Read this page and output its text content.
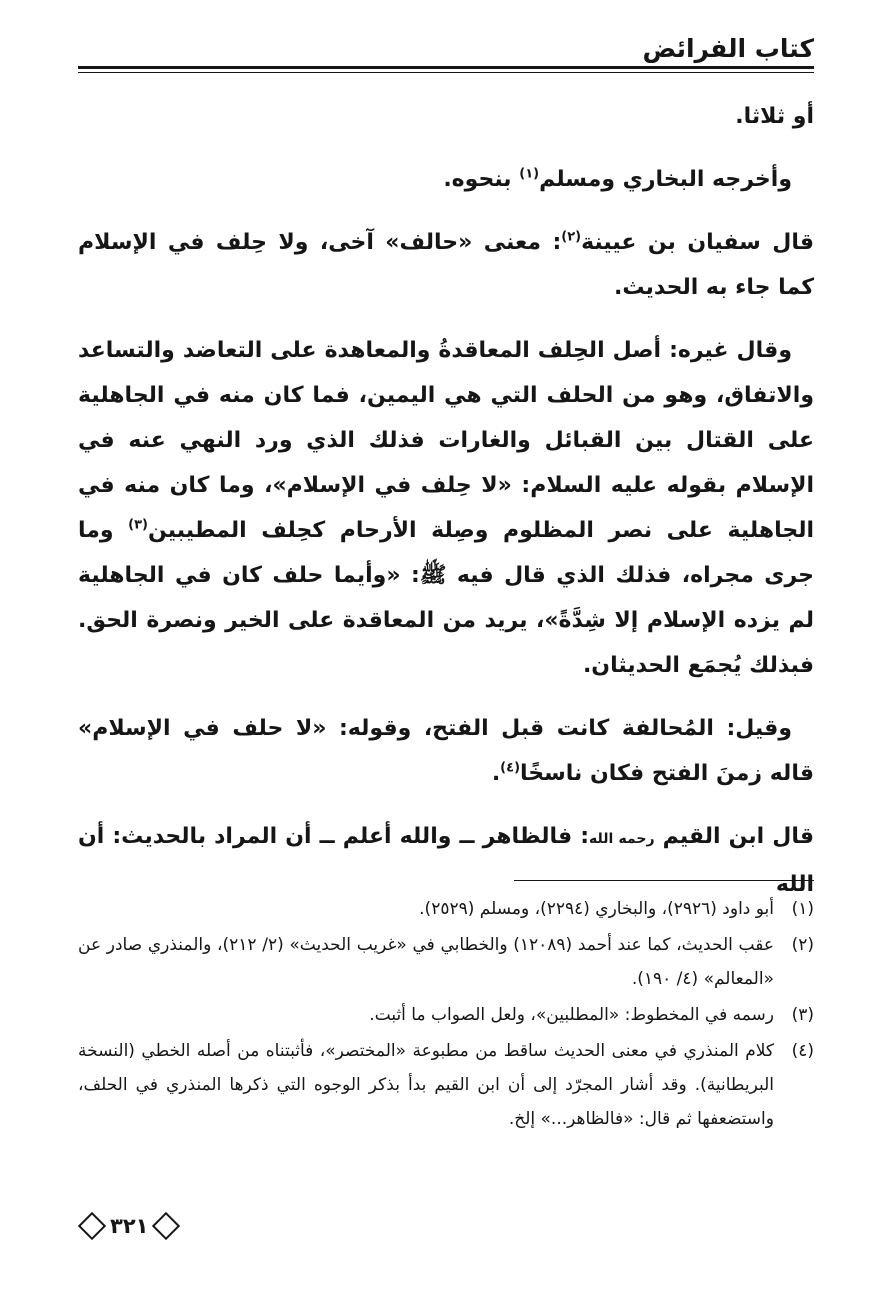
كتاب الفرائض

أو ثلاثا.

وأخرجه البخاري ومسلم$^{(١)}$ بنحوه.

قال سفيان بن عيينة$^{(٢)}$: معنى «حالف» آخى، ولا حِلف في الإسلام كما جاء به الحديث.

وقال غيره: أصل الحِلف المعاقدةُ والمعاهدة على التعاضد والتساعد والاتفاق، وهو من الحلف التي هي اليمين، فما كان منه في الجاهلية على القتال بين القبائل والغارات فذلك الذي ورد النهي عنه في الإسلام بقوله عليه السلام: «لا حِلف في الإسلام»، وما كان منه في الجاهلية على نصر المظلوم وصِلة الأرحام كحِلف المطيبين$^{(٣)}$ وما جرى مجراه، فذلك الذي قال فيه ﷺ: «وأيما حلف كان في الجاهلية لم يزده الإسلام إلا شِدَّةً»، يريد من المعاقدة على الخير ونصرة الحق. فبذلك يُجمَع الحديثان.

وقيل: المُحالفة كانت قبل الفتح، وقوله: «لا حلف في الإسلام» قاله زمنَ الفتح فكان ناسخًا$^{(٤)}$.

قال ابن القيم رحمه الله: فالظاهر ــ والله أعلم ــ أن المراد بالحديث: أن الله

(١)
أبو داود (٢٩٢٦)، والبخاري (٢٢٩٤)، ومسلم (٢٥٢٩).
(٢)
عقب الحديث، كما عند أحمد (١٢٠٨٩) والخطابي في «غريب الحديث» (٢/ ٢١٢)، والمنذري صادر عن «المعالم» (٤/ ١٩٠).
(٣)
رسمه في المخطوط: «المطلبين»، ولعل الصواب ما أثبت.
(٤)
كلام المنذري في معنى الحديث ساقط من مطبوعة «المختصر»، فأثبتناه من أصله الخطي (النسخة البريطانية). وقد أشار المجرّد إلى أن ابن القيم بدأ بذكر الوجوه التي ذكرها المنذري في الحلف، واستضعفها ثم قال: «فالظاهر...» إلخ.
٣٢١
